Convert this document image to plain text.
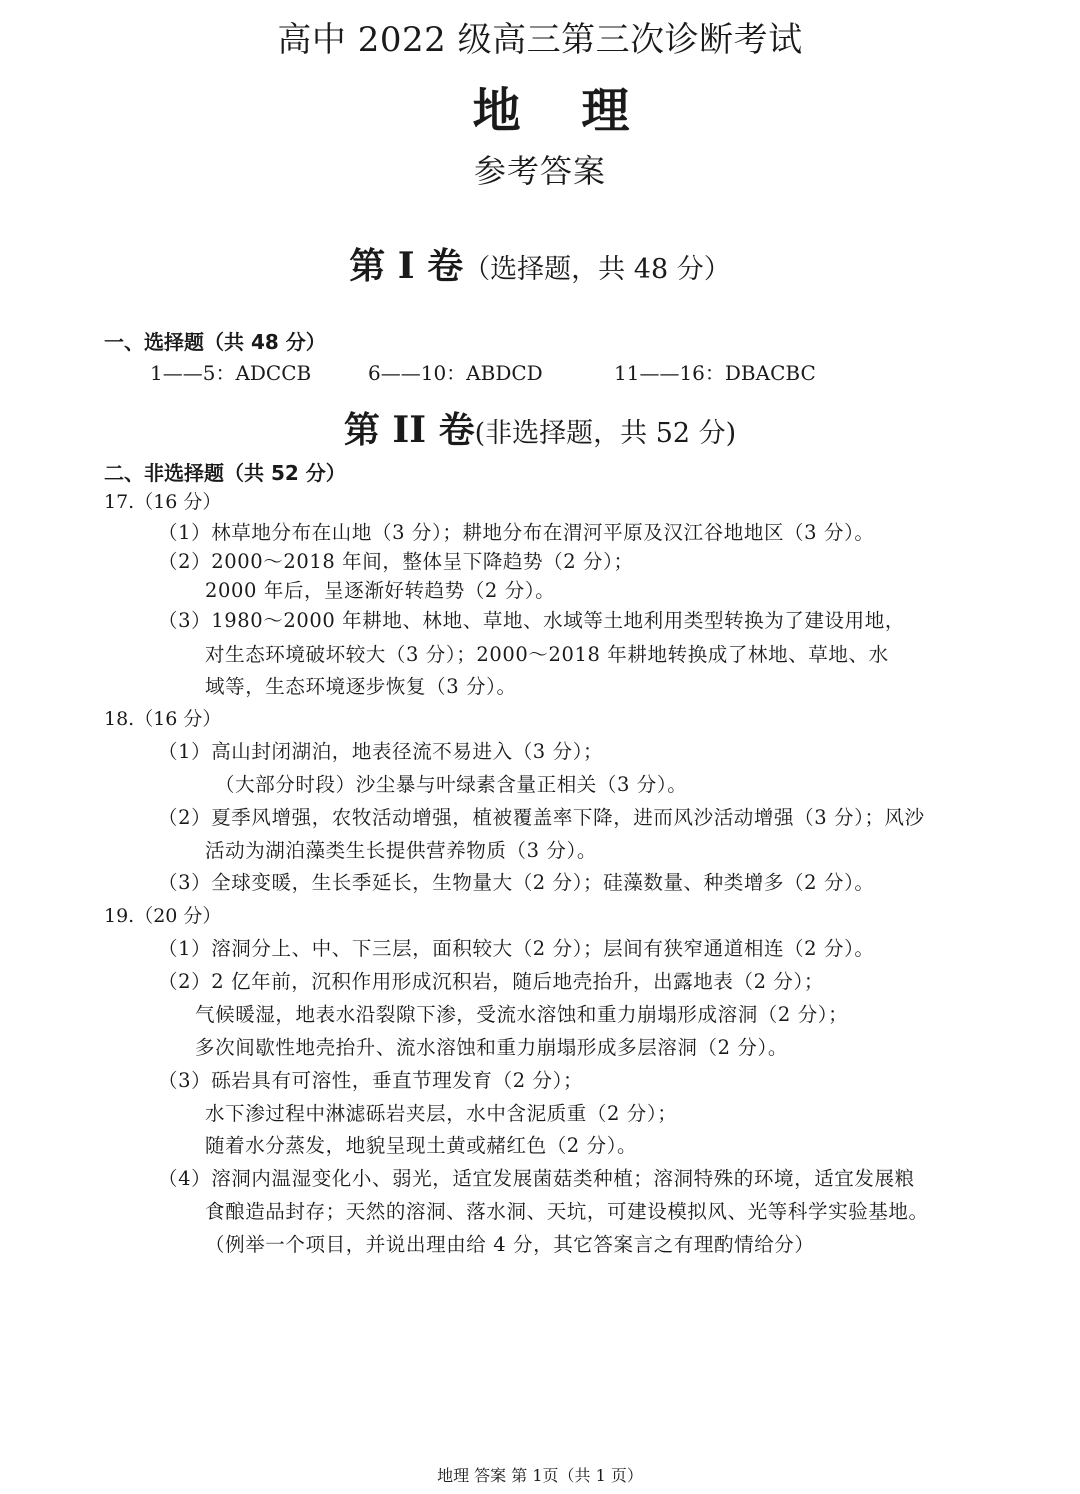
高中 2022 级高三第三次诊断考试
地 理
参考答案
第 I 卷（选择题，共 48 分）
一、选择题（共 48 分）
1——5：ADCCB	6——10：ABDCD	11——16：DBACBC
第 II 卷(非选择题，共 52 分)
二、非选择题（共 52 分）
17.（16 分）
（1）林草地分布在山地（3 分）；耕地分布在渭河平原及汉江谷地地区（3 分）。
（2）2000～2018 年间，整体呈下降趋势（2 分）；
2000 年后，呈逐渐好转趋势（2 分）。
（3）1980～2000 年耕地、林地、草地、水域等土地利用类型转换为了建设用地，
对生态环境破坏较大（3 分）；2000～2018 年耕地转换成了林地、草地、水
域等，生态环境逐步恢复（3 分）。
18.（16 分）
（1）高山封闭湖泊，地表径流不易进入（3 分）；
（大部分时段）沙尘暴与叶绿素含量正相关（3 分）。
（2）夏季风增强，农牧活动增强，植被覆盖率下降，进而风沙活动增强（3 分）；风沙
活动为湖泊藻类生长提供营养物质（3 分）。
（3）全球变暖，生长季延长，生物量大（2 分）；硅藻数量、种类增多（2 分）。
19.（20 分）
（1）溶洞分上、中、下三层，面积较大（2 分）；层间有狭窄通道相连（2 分）。
（2）2 亿年前，沉积作用形成沉积岩，随后地壳抬升，出露地表（2 分）；
气候暖湿，地表水沿裂隙下渗，受流水溶蚀和重力崩塌形成溶洞（2 分）；
多次间歇性地壳抬升、流水溶蚀和重力崩塌形成多层溶洞（2 分）。
（3）砾岩具有可溶性，垂直节理发育（2 分）；
水下渗过程中淋滤砾岩夹层，水中含泥质重（2 分）；
随着水分蒸发，地貌呈现土黄或赭红色（2 分）。
（4）溶洞内温湿变化小、弱光，适宜发展菌菇类种植；溶洞特殊的环境，适宜发展粮
食酿造品封存；天然的溶洞、落水洞、天坑，可建设模拟风、光等科学实验基地。
（例举一个项目，并说出理由给 4 分，其它答案言之有理酌情给分）
地理 答案 第 1页（共 1 页）
